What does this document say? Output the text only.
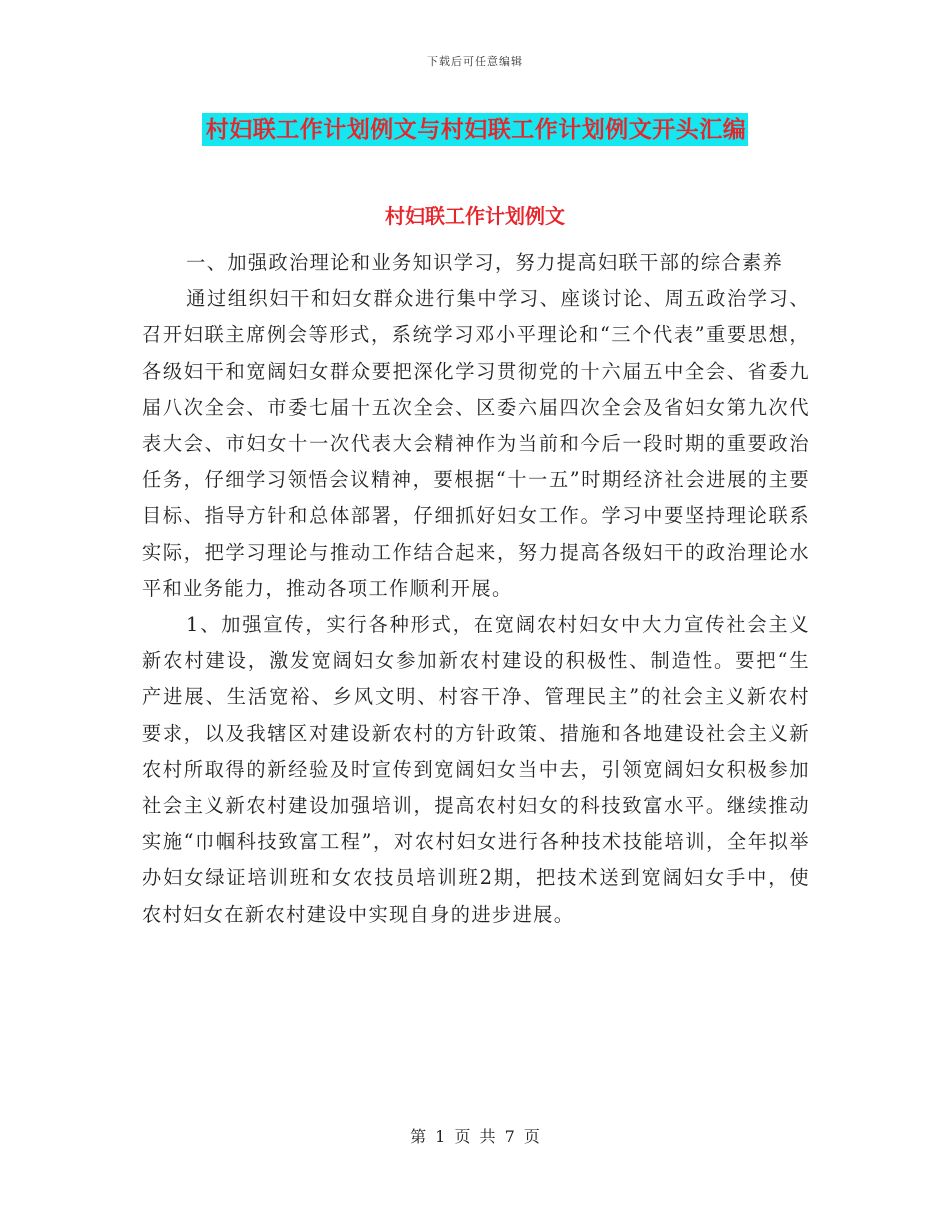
下载后可任意编辑
村妇联工作计划例文与村妇联工作计划例文开头汇编
村妇联工作计划例文

一、加强政治理论和业务知识学习，努力提高妇联干部的综合素养

通过组织妇干和妇女群众进行集中学习、座谈讨论、周五政治学习、召开妇联主席例会等形式，系统学习邓小平理论和“三个代表”重要思想，各级妇干和宽阔妇女群众要把深化学习贯彻党的十六届五中全会、省委九届八次全会、市委七届十五次全会、区委六届四次全会及省妇女第九次代表大会、市妇女十一次代表大会精神作为当前和今后一段时期的重要政治任务，仔细学习领悟会议精神，要根据“十一五”时期经济社会进展的主要目标、指导方针和总体部署，仔细抓好妇女工作。学习中要坚持理论联系实际，把学习理论与推动工作结合起来，努力提高各级妇干的政治理论水平和业务能力，推动各项工作顺利开展。

1、加强宣传，实行各种形式，在宽阔农村妇女中大力宣传社会主义新农村建设，激发宽阔妇女参加新农村建设的积极性、制造性。要把“生产进展、生活宽裕、乡风文明、村容干净、管理民主”的社会主义新农村要求，以及我辖区对建设新农村的方针政策、措施和各地建设社会主义新农村所取得的新经验及时宣传到宽阔妇女当中去，引领宽阔妇女积极参加社会主义新农村建设加强培训，提高农村妇女的科技致富水平。继续推动实施“巾帼科技致富工程”，对农村妇女进行各种技术技能培训，全年拟举办妇女绿证培训班和女农技员培训班2期，把技术送到宽阔妇女手中，使农村妇女在新农村建设中实现自身的进步进展。

第 1 页 共 7 页
